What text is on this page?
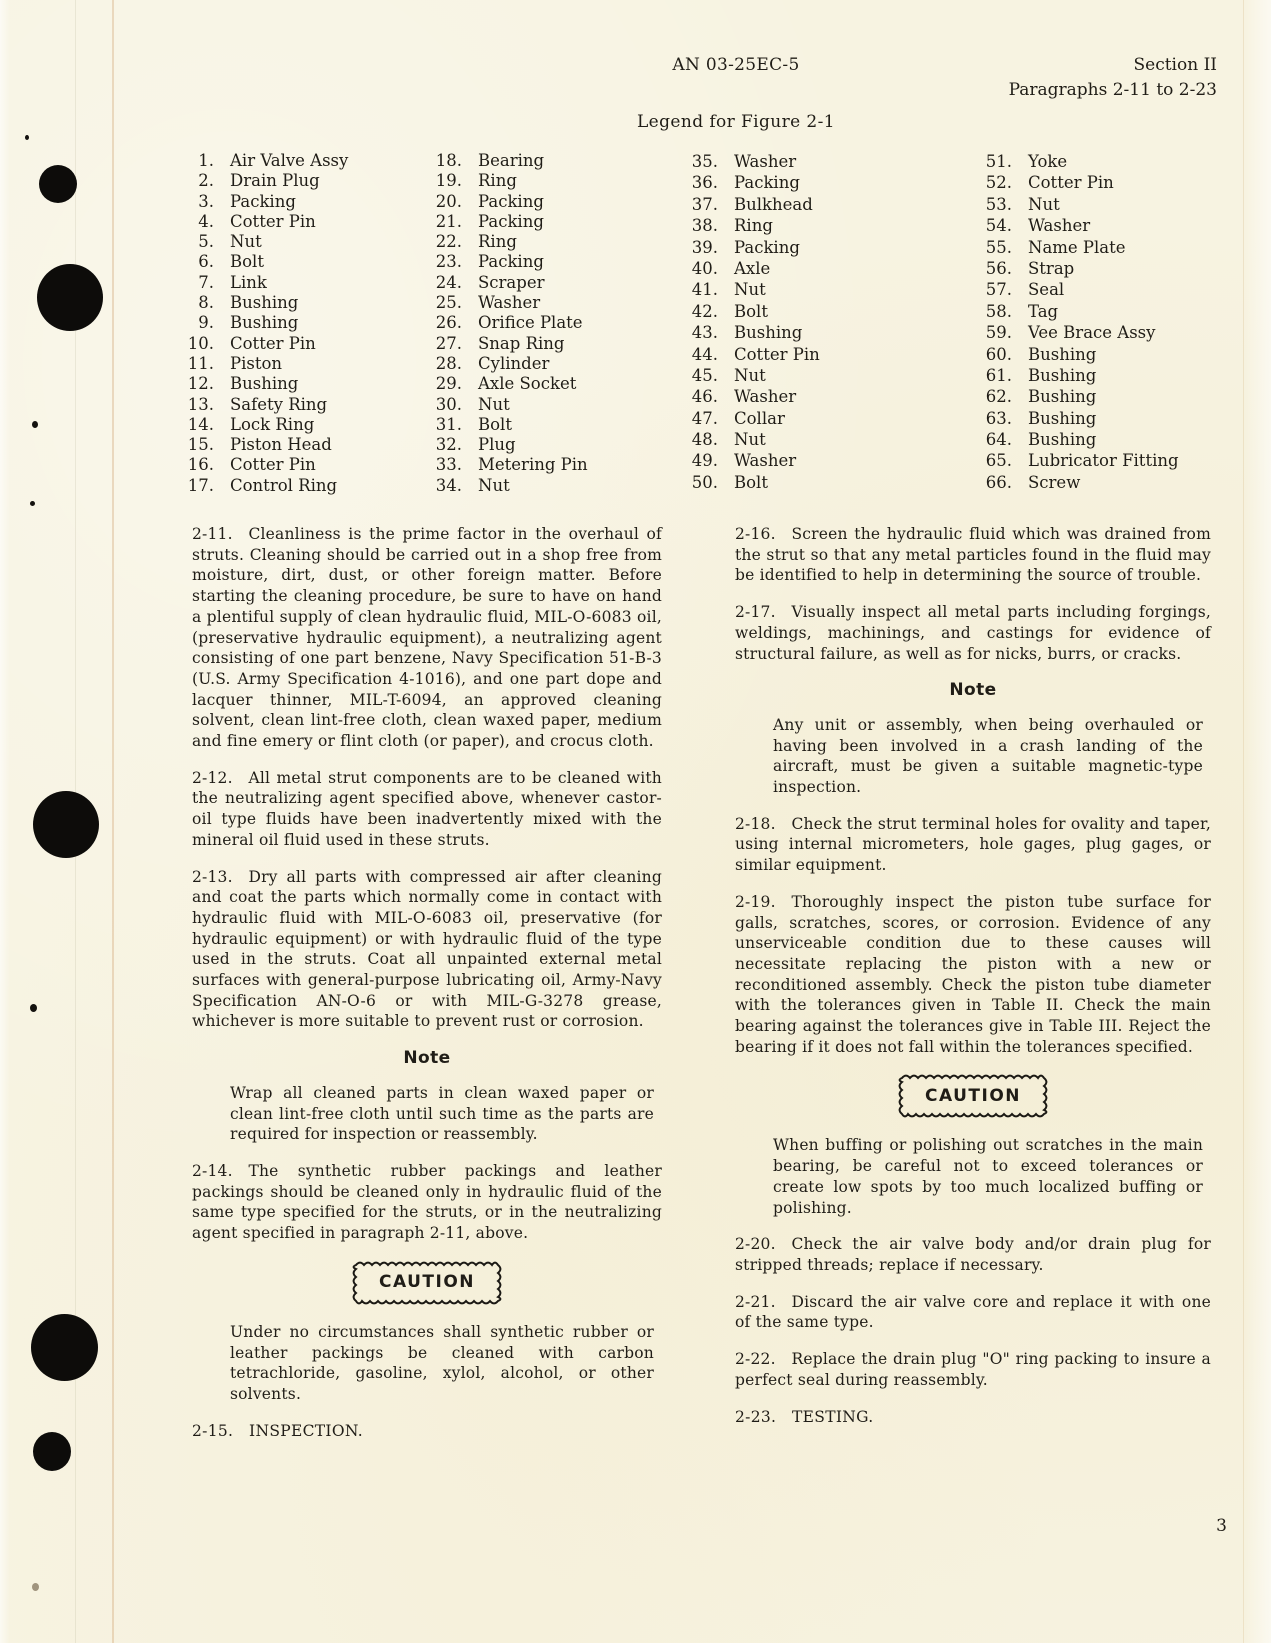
AN 03-25EC-5	Section II
Paragraphs 2-11 to 2-23
Legend for Figure 2-1
1. Air Valve Assy
2. Drain Plug
3. Packing
4. Cotter Pin
5. Nut
6. Bolt
7. Link
8. Bushing
9. Bushing
10. Cotter Pin
11. Piston
12. Bushing
13. Safety Ring
14. Lock Ring
15. Piston Head
16. Cotter Pin
17. Control Ring
18. Bearing
19. Ring
20. Packing
21. Packing
22. Ring
23. Packing
24. Scraper
25. Washer
26. Orifice Plate
27. Snap Ring
28. Cylinder
29. Axle Socket
30. Nut
31. Bolt
32. Plug
33. Metering Pin
34. Nut
35. Washer
36. Packing
37. Bulkhead
38. Ring
39. Packing
40. Axle
41. Nut
42. Bolt
43. Bushing
44. Cotter Pin
45. Nut
46. Washer
47. Collar
48. Nut
49. Washer
50. Bolt
51. Yoke
52. Cotter Pin
53. Nut
54. Washer
55. Name Plate
56. Strap
57. Seal
58. Tag
59. Vee Brace Assy
60. Bushing
61. Bushing
62. Bushing
63. Bushing
64. Bushing
65. Lubricator Fitting
66. Screw

2-11. Cleanliness is the prime factor in the overhaul of struts. Cleaning should be carried out in a shop free from moisture, dirt, dust, or other foreign matter. Before starting the cleaning procedure, be sure to have on hand a plentiful supply of clean hydraulic fluid, MIL-O-6083 oil, (preservative hydraulic equipment), a neutralizing agent consisting of one part benzene, Navy Specification 51-B-3 (U.S. Army Specification 4-1016), and one part dope and lacquer thinner, MIL-T-6094, an approved cleaning solvent, clean lint-free cloth, clean waxed paper, medium and fine emery or flint cloth (or paper), and crocus cloth.

2-12. All metal strut components are to be cleaned with the neutralizing agent specified above, whenever castor-oil type fluids have been inadvertently mixed with the mineral oil fluid used in these struts.

2-13. Dry all parts with compressed air after cleaning and coat the parts which normally come in contact with hydraulic fluid with MIL-O-6083 oil, preservative (for hydraulic equipment) or with hydraulic fluid of the type used in the struts. Coat all unpainted external metal surfaces with general-purpose lubricating oil, Army-Navy Specification AN-O-6 or with MIL-G-3278 grease, whichever is more suitable to prevent rust or corrosion.

Note

Wrap all cleaned parts in clean waxed paper or clean lint-free cloth until such time as the parts are required for inspection or reassembly.

2-14. The synthetic rubber packings and leather packings should be cleaned only in hydraulic fluid of the same type specified for the struts, or in the neutralizing agent specified in paragraph 2-11, above.

CAUTION

Under no circumstances shall synthetic rubber or leather packings be cleaned with carbon tetrachloride, gasoline, xylol, alcohol, or other solvents.

2-15. INSPECTION.

2-16. Screen the hydraulic fluid which was drained from the strut so that any metal particles found in the fluid may be identified to help in determining the source of trouble.

2-17. Visually inspect all metal parts including forgings, weldings, machinings, and castings for evidence of structural failure, as well as for nicks, burrs, or cracks.

Note

Any unit or assembly, when being overhauled or having been involved in a crash landing of the aircraft, must be given a suitable magnetic-type inspection.

2-18. Check the strut terminal holes for ovality and taper, using internal micrometers, hole gages, plug gages, or similar equipment.

2-19. Thoroughly inspect the piston tube surface for galls, scratches, scores, or corrosion. Evidence of any unserviceable condition due to these causes will necessitate replacing the piston with a new or reconditioned assembly. Check the piston tube diameter with the tolerances given in Table II. Check the main bearing against the tolerances give in Table III. Reject the bearing if it does not fall within the tolerances specified.

CAUTION

When buffing or polishing out scratches in the main bearing, be careful not to exceed tolerances or create low spots by too much localized buffing or polishing.

2-20. Check the air valve body and/or drain plug for stripped threads; replace if necessary.

2-21. Discard the air valve core and replace it with one of the same type.

2-22. Replace the drain plug "O" ring packing to insure a perfect seal during reassembly.

2-23. TESTING.

3
